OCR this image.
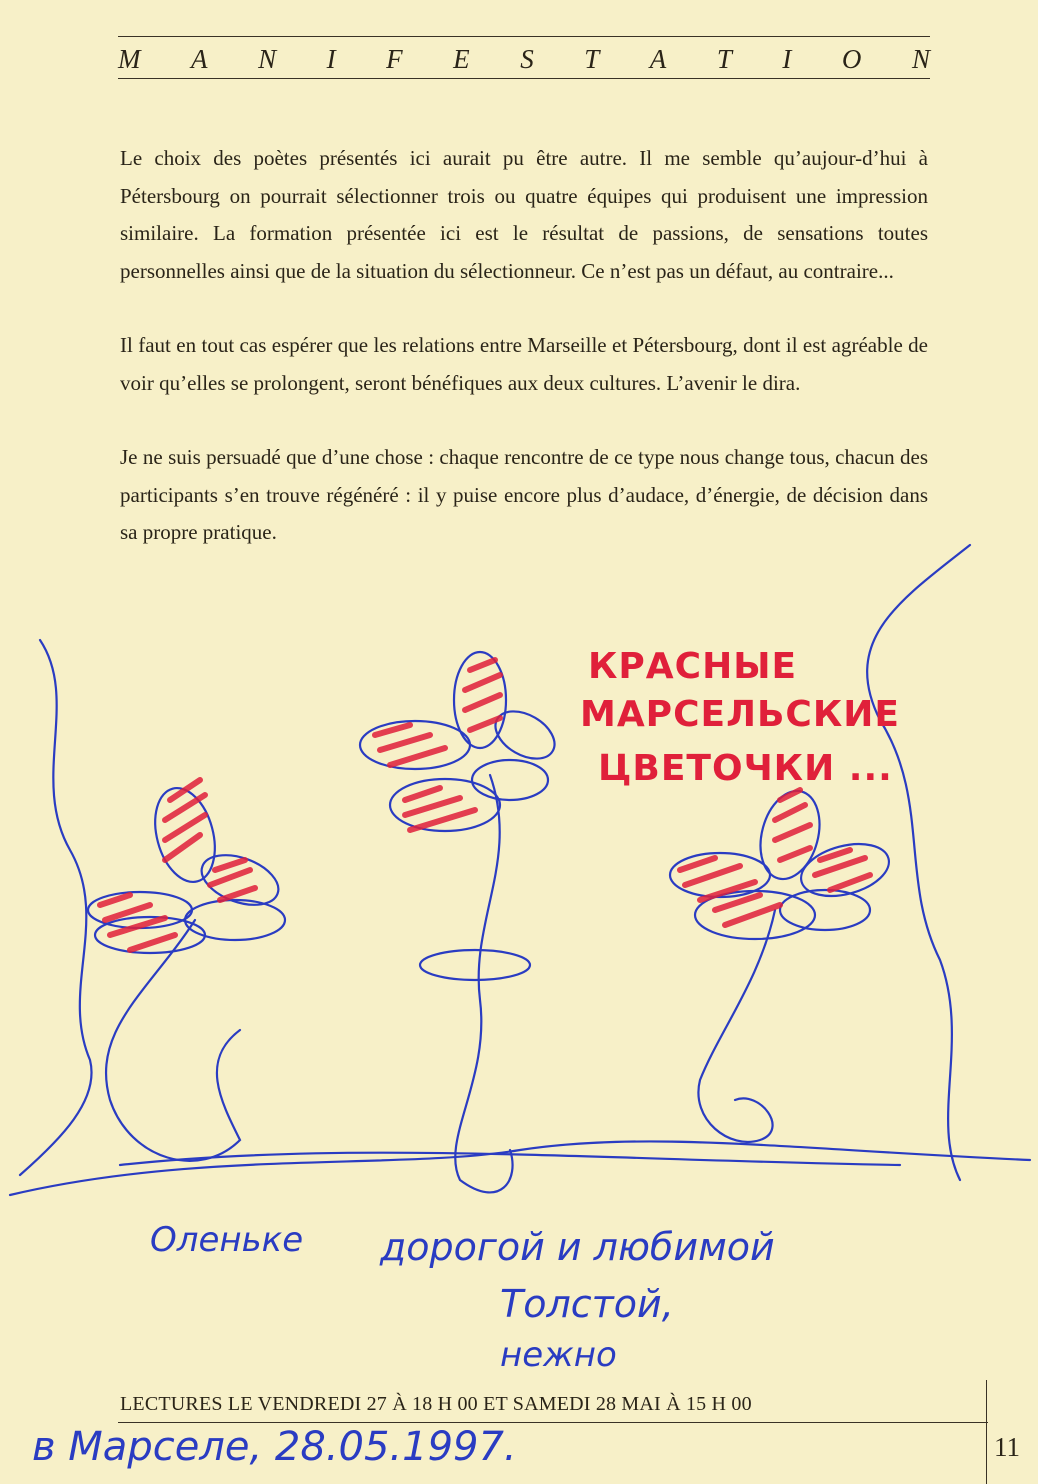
M A N I F E S T A T I O N

Le choix des poètes présentés ici aurait pu être autre. Il me semble qu’aujour-d’hui à Pétersbourg on pourrait sélectionner trois ou quatre équipes qui produisent une impression similaire. La formation présentée ici est le résultat de passions, de sensations toutes personnelles ainsi que de la situation du sélectionneur. Ce n’est pas un défaut, au contraire...

Il faut en tout cas espérer que les relations entre Marseille et Pétersbourg, dont il est agréable de voir qu’elles se prolongent, seront bénéfiques aux deux cultures. L’avenir le dira.

Je ne suis persuadé que d’une chose : chaque rencontre de ce type nous change tous, chacun des participants s’en trouve régénéré : il y puise encore plus d’audace, d’énergie, de décision dans sa propre pratique.

КРАСНЫЕ
МАРСЕЛЬСКИЕ
ЦВЕТОЧКИ ...
Оленьке дорогой и любимой
Толстой,
нежно
LECTURES LE VENDREDI 27 À 18 H 00 ET SAMEDI 28 MAI À 15 H 00
11
в Марселе, 28.05.1997.
